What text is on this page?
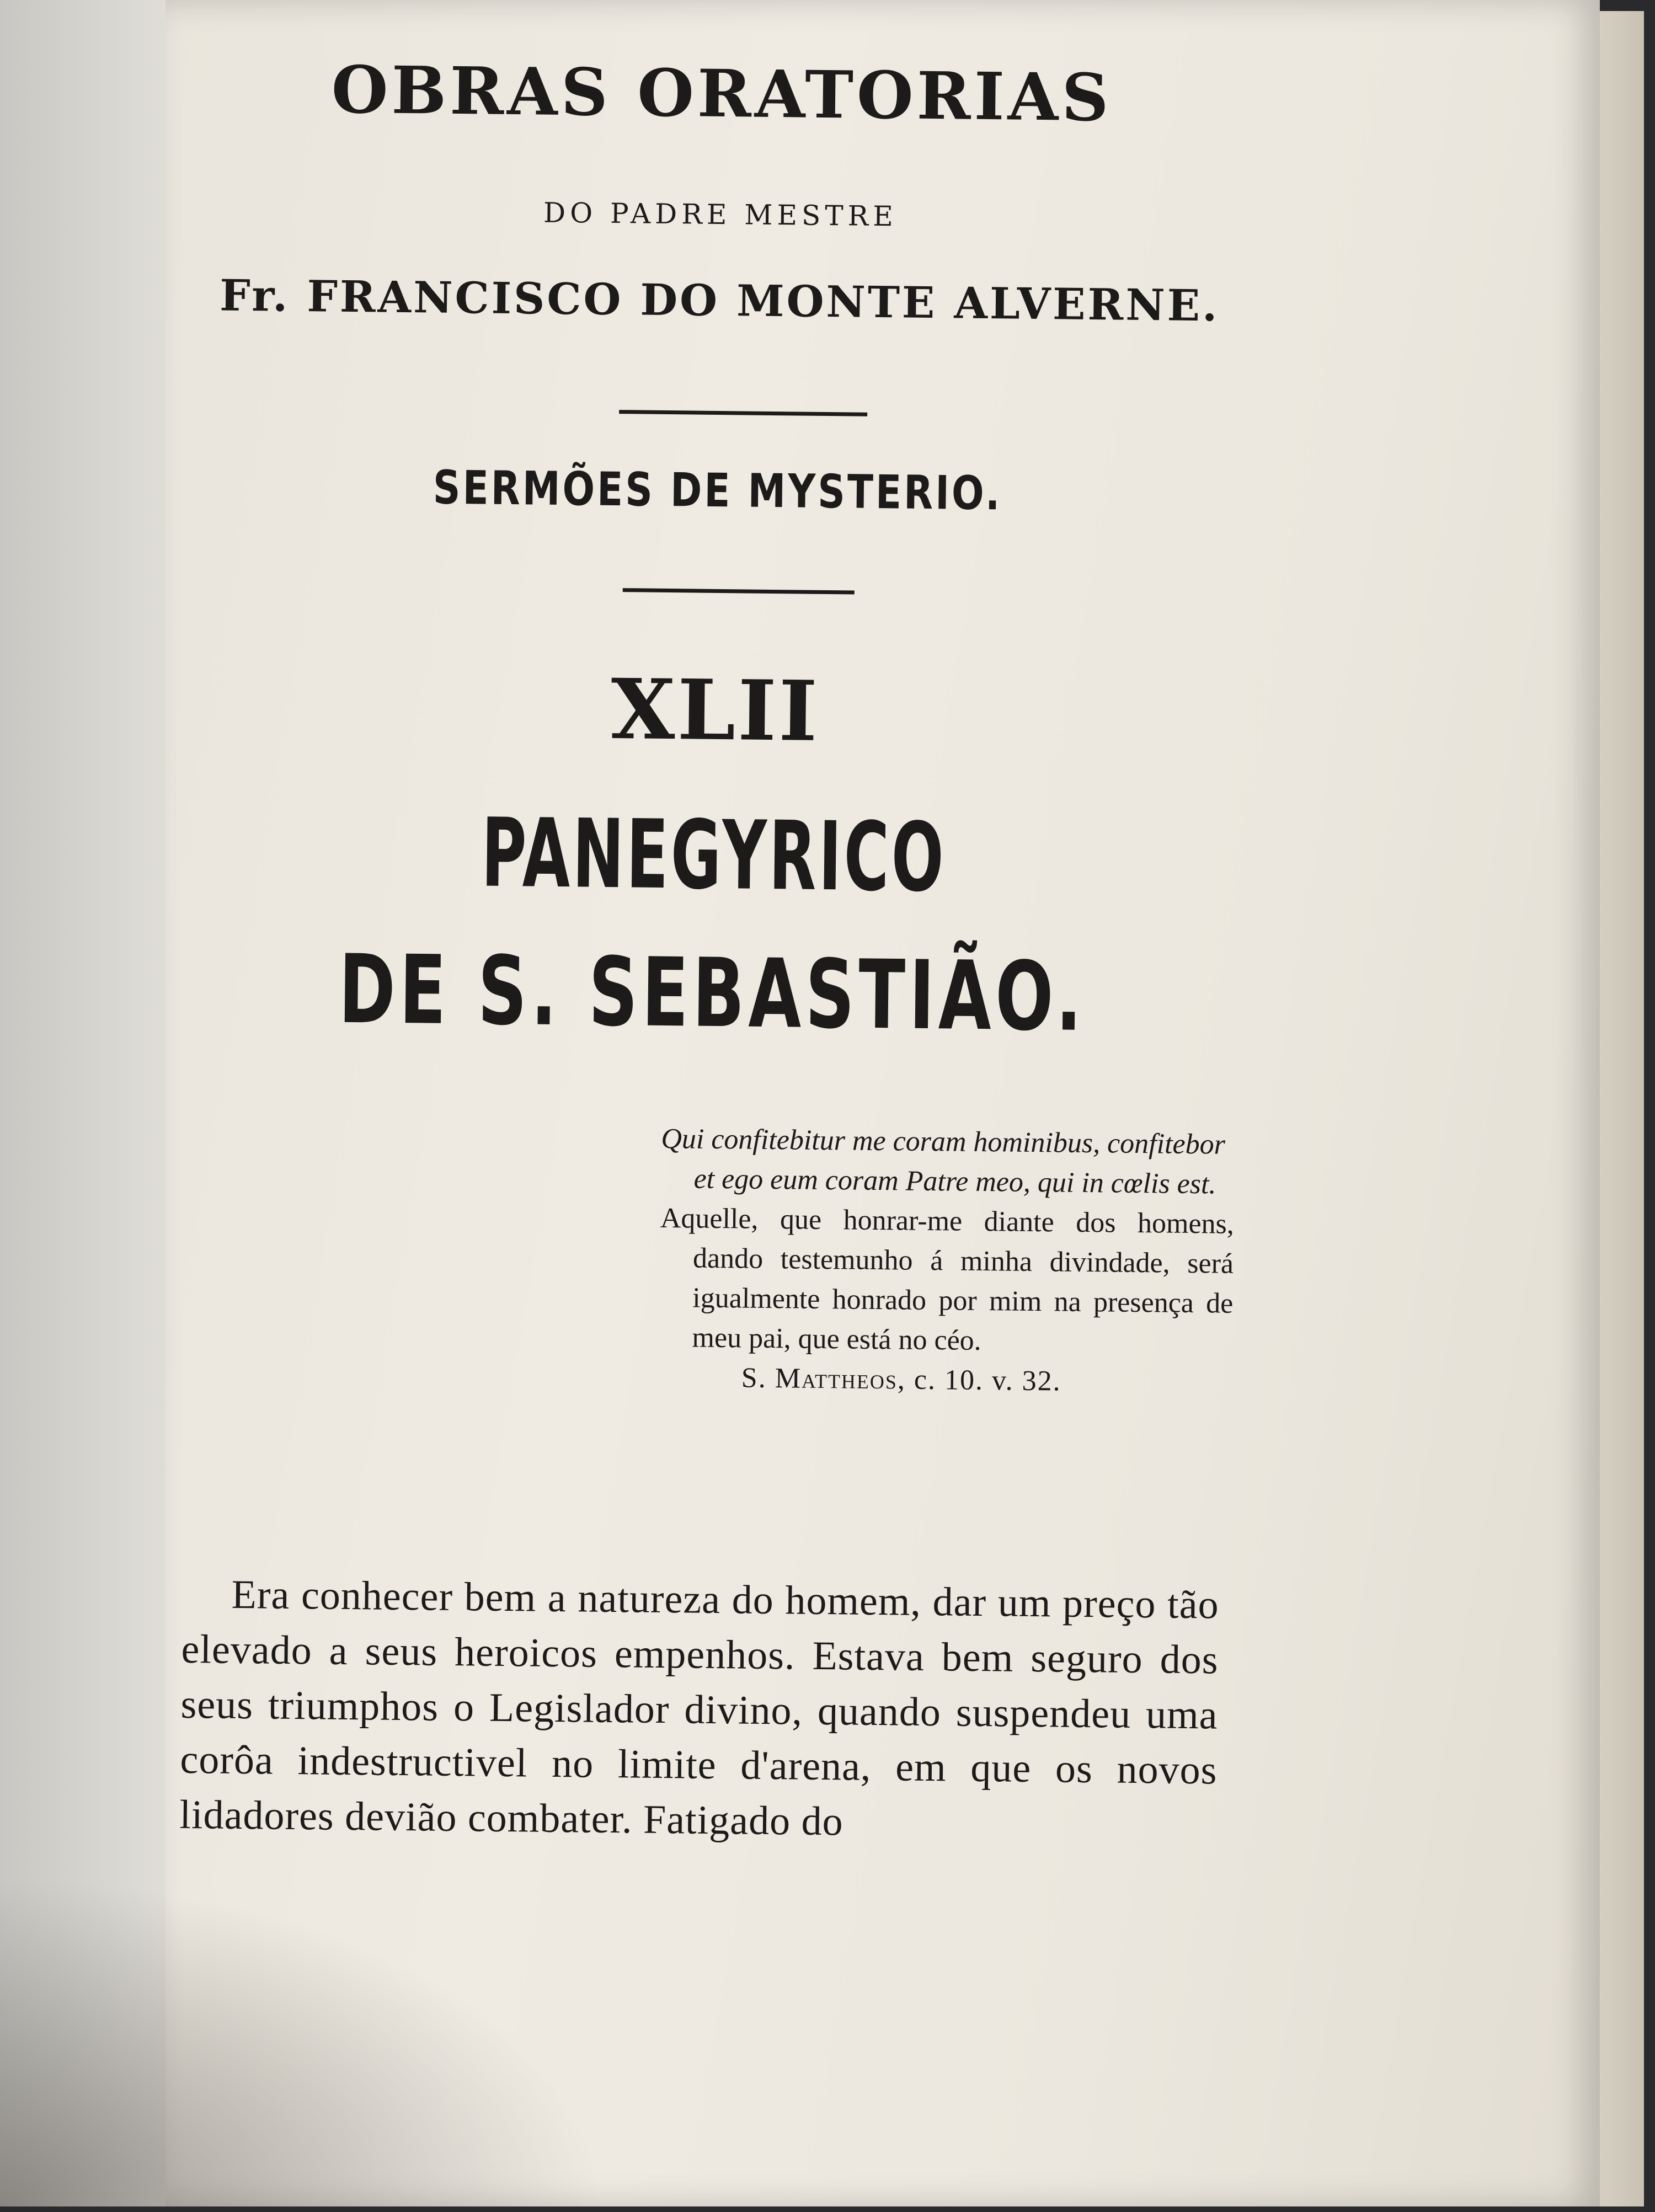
OBRAS ORATORIAS
DO PADRE MESTRE
Fr. FRANCISCO DO MONTE ALVERNE.
SERMÕES DE MYSTERIO.
XLII
PANEGYRICO
DE S. SEBASTIÃO.

Qui confitebitur me coram hominibus, confitebor et ego eum coram Patre meo, qui in cœlis est.

Aquelle, que honrar-me diante dos homens, dando testemunho á minha divindade, será igualmente honrado por mim na presença de meu pai, que está no céo.

S. Mattheos, c. 10. v. 32.

Era conhecer bem a natureza do homem, dar um preço tão elevado a seus heroicos empenhos. Estava bem seguro dos seus triumphos o Legislador divino, quando suspendeu uma corôa indestructivel no limite d'arena, em que os novos lidadores devião combater. Fatigado do
